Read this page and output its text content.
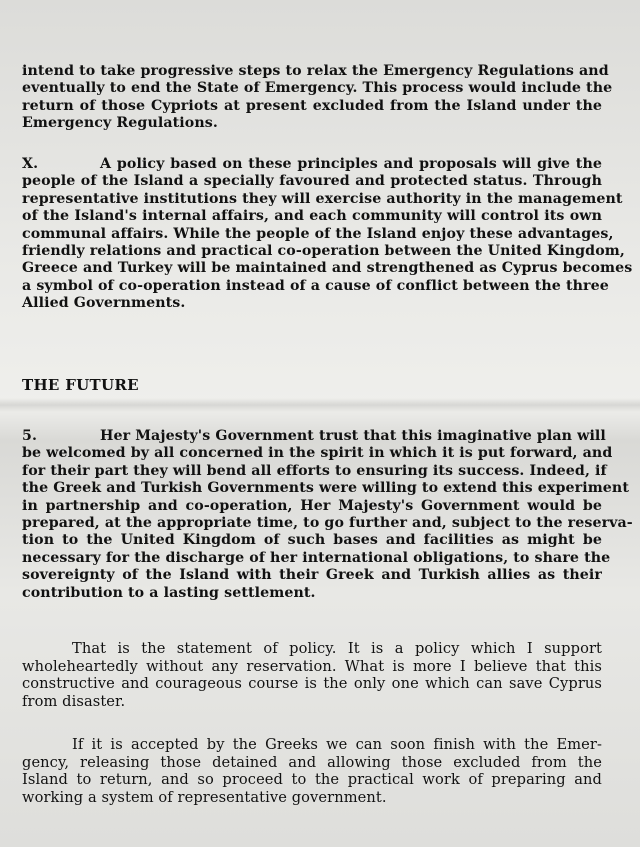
intend to take progressive steps to relax the Emergency Regulations and
eventually to end the State of Emergency. This process would include the
return of those Cypriots at present excluded from the Island under the
Emergency Regulations.
X.	A policy based on these principles and proposals will give the
people of the Island a specially favoured and protected status. Through
representative institutions they will exercise authority in the management
of the Island's internal affairs, and each community will control its own
communal affairs. While the people of the Island enjoy these advantages,
friendly relations and practical co-operation between the United Kingdom,
Greece and Turkey will be maintained and strengthened as Cyprus becomes
a symbol of co-operation instead of a cause of conflict between the three
Allied Governments.
THE FUTURE
5.	Her Majesty's Government trust that this imaginative plan will
be welcomed by all concerned in the spirit in which it is put forward, and
for their part they will bend all efforts to ensuring its success. Indeed, if
the Greek and Turkish Governments were willing to extend this experiment
in partnership and co-operation, Her Majesty's Government would be
prepared, at the appropriate time, to go further and, subject to the reserva-
tion to the United Kingdom of such bases and facilities as might be
necessary for the discharge of her international obligations, to share the
sovereignty of the Island with their Greek and Turkish allies as their
contribution to a lasting settlement.
That is the statement of policy. It is a policy which I support
wholeheartedly without any reservation. What is more I believe that this
constructive and courageous course is the only one which can save Cyprus
from disaster.
If it is accepted by the Greeks we can soon finish with the Emer-
gency, releasing those detained and allowing those excluded from the
Island to return, and so proceed to the practical work of preparing and
working a system of representative government.
